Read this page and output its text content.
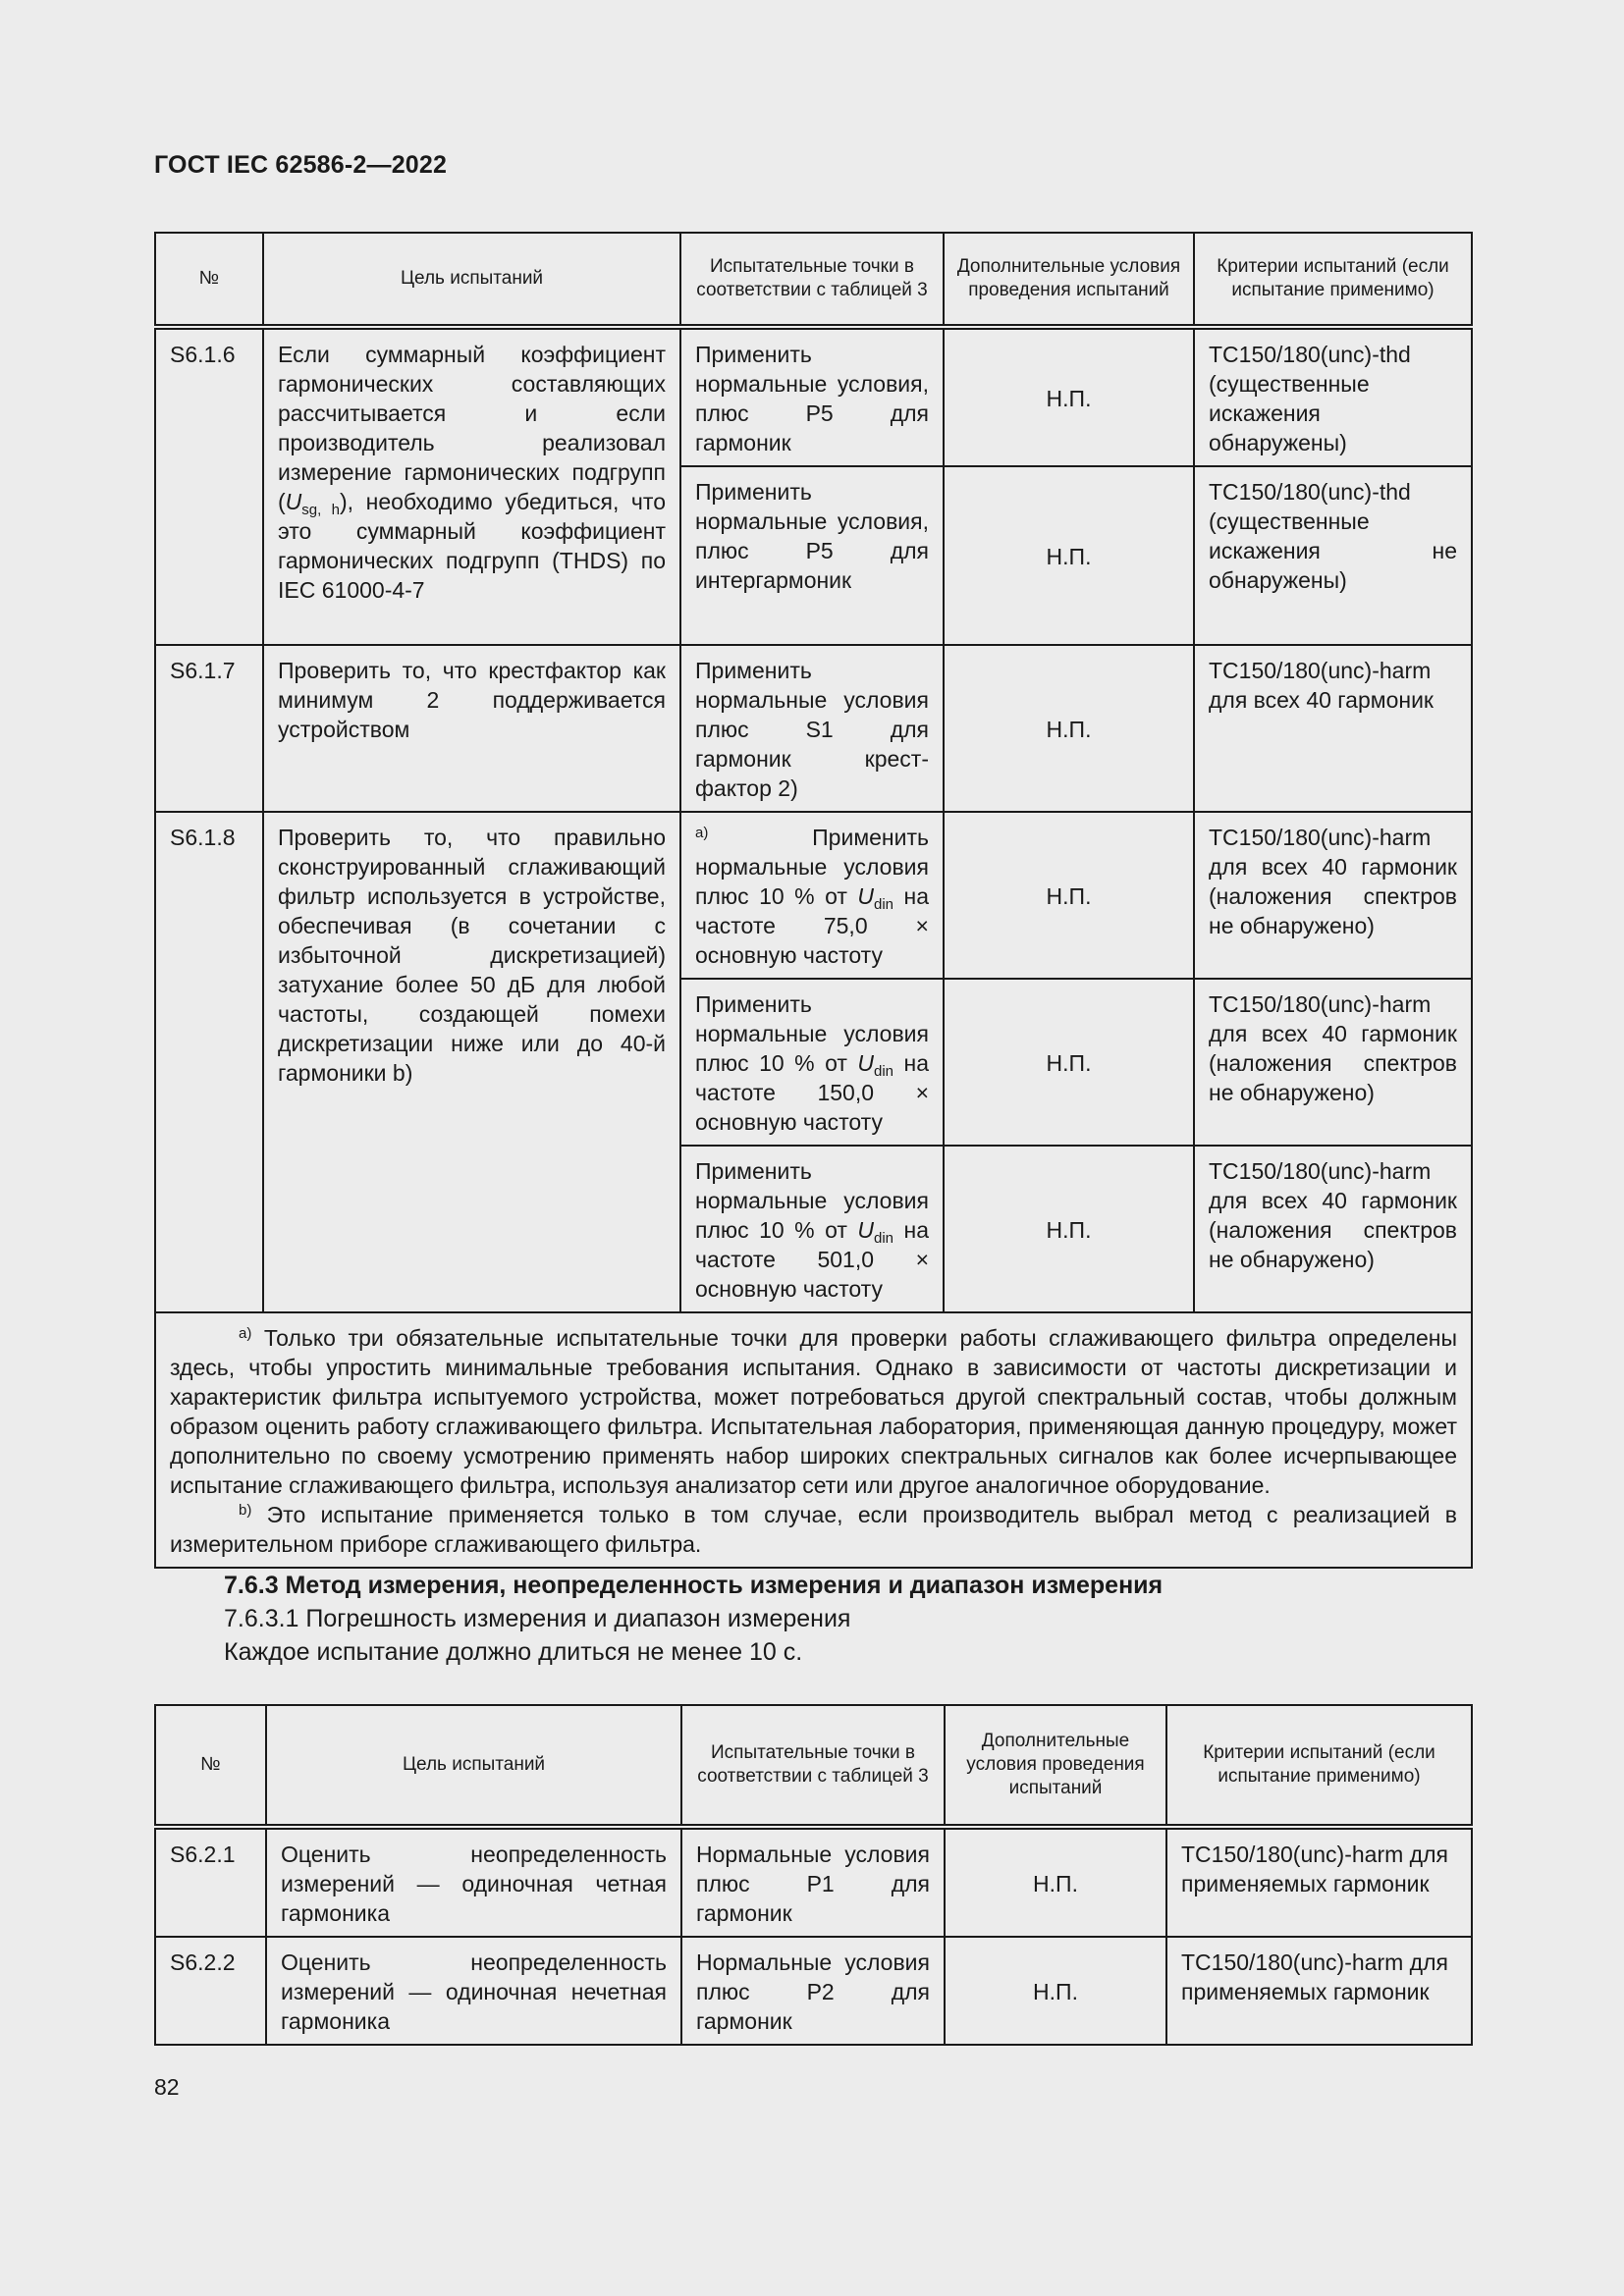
ГОСТ IEC 62586-2—2022
№	Цель испытаний	Испытательные точки в соответствии с таблицей 3	Дополнительные условия проведения испытаний	Критерии испытаний (если испытание применимо)
S6.1.6	Если суммарный коэффициент гармонических составляющих рассчитывается и если производитель реализовал измерение гармонических подгрупп $(U_{sg, h})$, необходимо убедиться, что это суммарный коэффициент гармонических подгрупп (THDS) по IEC 61000-4-7	Применить нормальные условия, плюс P5 для гармоник	Н.П.	TC150/180(unc)-thd (существенные искажения обнаружены)
		Применить нормальные условия, плюс P5 для интергармоник	Н.П.	TC150/180(unc)-thd (существенные искажения не обнаружены)
S6.1.7	Проверить то, что крестфактор как минимум 2 поддерживается устройством	Применить нормальные условия плюс S1 для гармоник крест-фактор 2)	Н.П.	TC150/180(unc)-harm для всех 40 гармоник
S6.1.8	Проверить то, что правильно сконструированный сглаживающий фильтр используется в устройстве, обеспечивая (в сочетании с избыточной дискретизацией) затухание более 50 дБ для любой частоты, создающей помехи дискретизации ниже или до 40-й гармоники b)	$^{a)}$ Применить нормальные условия плюс 10 % от $U_{din}$ на частоте 75,0 × основную частоту	Н.П.	TC150/180(unc)-harm для всех 40 гармоник (наложения спектров не обнаружено)
		Применить нормальные условия плюс 10 % от $U_{din}$ на частоте 150,0 × основную частоту	Н.П.	TC150/180(unc)-harm для всех 40 гармоник (наложения спектров не обнаружено)
		Применить нормальные условия плюс 10 % от $U_{din}$ на частоте 501,0 × основную частоту	Н.П.	TC150/180(unc)-harm для всех 40 гармоник (наложения спектров не обнаружено)

$^{a)}$ Только три обязательные испытательные точки для проверки работы сглаживающего фильтра определены здесь, чтобы упростить минимальные требования испытания. Однако в зависимости от частоты дискретизации и характеристик фильтра испытуемого устройства, может потребоваться другой спектральный состав, чтобы должным образом оценить работу сглаживающего фильтра. Испытательная лаборатория, применяющая данную процедуру, может дополнительно по своему усмотрению применять набор широких спектральных сигналов как более исчерпывающее испытание сглаживающего фильтра, используя анализатор сети или другое аналогичное оборудование.
$^{b)}$ Это испытание применяется только в том случае, если производитель выбрал метод с реализацией в измерительном приборе сглаживающего фильтра.				
7.6.3 Метод измерения, неопределенность измерения и диапазон измерения
7.6.3.1 Погрешность измерения и диапазон измерения
Каждое испытание должно длиться не менее 10 с.
№	Цель испытаний	Испытательные точки в соответствии с таблицей 3	Дополнительные условия проведения испытаний	Критерии испытаний (если испытание применимо)
S6.2.1	Оценить неопределенность измерений — одиночная четная гармоника	Нормальные условия плюс P1 для гармоник	Н.П.	TC150/180(unc)-harm для применяемых гармоник
S6.2.2	Оценить неопределенность измерений — одиночная нечетная гармоника	Нормальные условия плюс P2 для гармоник	Н.П.	TC150/180(unc)-harm для применяемых гармоник
82
